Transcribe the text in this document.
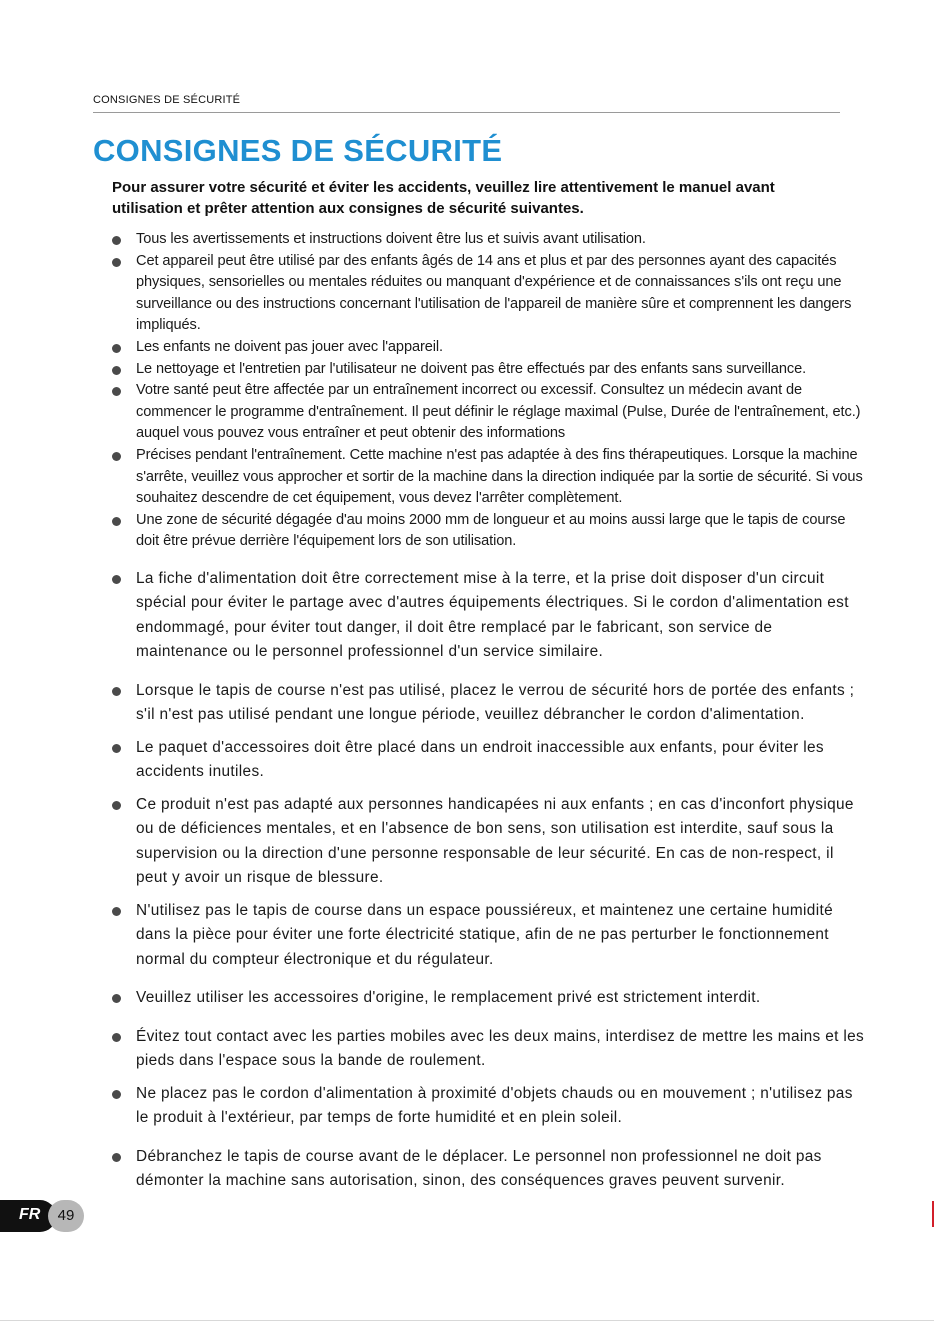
CONSIGNES DE SÉCURITÉ
CONSIGNES DE SÉCURITÉ

Pour assurer votre sécurité et éviter les accidents, veuillez lire attentivement le manuel avant utilisation et prêter attention aux consignes de sécurité suivantes.

Tous les avertissements et instructions doivent être lus et suivis avant utilisation.
Cet appareil peut être utilisé par des enfants âgés de 14 ans et plus et par des personnes ayant des capacités physiques, sensorielles ou mentales réduites ou manquant d'expérience et de connaissances s'ils ont reçu une surveillance ou des instructions concernant l'utilisation de l'appareil de manière sûre et comprennent les dangers impliqués.
Les enfants ne doivent pas jouer avec l'appareil.
Le nettoyage et l'entretien par l'utilisateur ne doivent pas être effectués par des enfants sans surveillance.
Votre santé peut être affectée par un entraînement incorrect ou excessif. Consultez un médecin avant de commencer le programme d'entraînement. Il peut définir le réglage maximal (Pulse, Durée de l'entraînement, etc.) auquel vous pouvez vous entraîner et peut obtenir des informations
Précises pendant l'entraînement. Cette machine n'est pas adaptée à des fins thérapeutiques. Lorsque la machine s'arrête, veuillez vous approcher et sortir de la machine dans la direction indiquée par la sortie de sécurité. Si vous souhaitez descendre de cet équipement, vous devez l'arrêter complètement.
Une zone de sécurité dégagée d'au moins 2000 mm de longueur et au moins aussi large que le tapis de course doit être prévue derrière l'équipement lors de son utilisation.
La fiche d'alimentation doit être correctement mise à la terre, et la prise doit disposer d'un circuit spécial pour éviter le partage avec d'autres équipements électriques. Si le cordon d'alimentation est endommagé, pour éviter tout danger, il doit être remplacé par le fabricant, son service de maintenance ou le personnel professionnel d'un service similaire.
Lorsque le tapis de course n'est pas utilisé, placez le verrou de sécurité hors de portée des enfants ; s'il n'est pas utilisé pendant une longue période, veuillez débrancher le cordon d'alimentation.
Le paquet d'accessoires doit être placé dans un endroit inaccessible aux enfants, pour éviter les accidents inutiles.
Ce produit n'est pas adapté aux personnes handicapées ni aux enfants ; en cas d'inconfort physique ou de déficiences mentales, et en l'absence de bon sens, son utilisation est interdite, sauf sous la supervision ou la direction d'une personne responsable de leur sécurité. En cas de non-respect, il peut y avoir un risque de blessure.
N'utilisez pas le tapis de course dans un espace poussiéreux, et maintenez une certaine humidité dans la pièce pour éviter une forte électricité statique, afin de ne pas perturber le fonctionnement normal du compteur électronique et du régulateur.
Veuillez utiliser les accessoires d'origine, le remplacement privé est strictement interdit.
Évitez tout contact avec les parties mobiles avec les deux mains, interdisez de mettre les mains et les pieds dans l'espace sous la bande de roulement.
Ne placez pas le cordon d'alimentation à proximité d'objets chauds ou en mouvement ; n'utilisez pas le produit à l'extérieur, par temps de forte humidité et en plein soleil.
Débranchez le tapis de course avant de le déplacer. Le personnel non professionnel ne doit pas démonter la machine sans autorisation, sinon, des conséquences graves peuvent survenir.
FR	49
